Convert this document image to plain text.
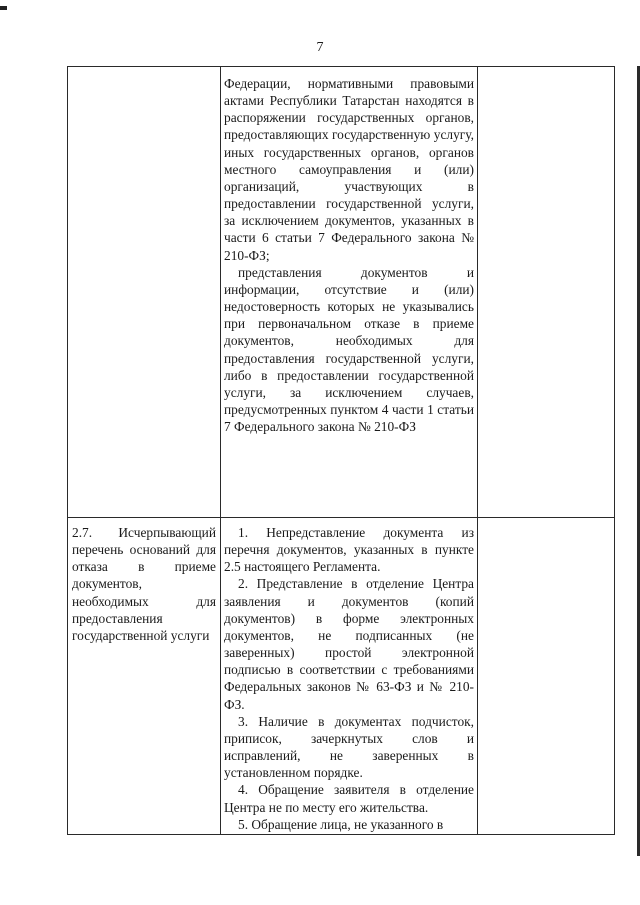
7

	Федерации, нормативными правовыми актами Республики Татарстан находятся в распоряжении государственных органов, предоставляющих государственную услугу, иных государственных органов, органов местного самоуправления и (или) организаций, участвующих в предоставлении государственной услуги, за исключением документов, указанных в части 6 статьи 7 Федерального закона № 210-ФЗ;

представления документов и информации, отсутствие и (или) недостоверность которых не указывались при первоначальном отказе в приеме документов, необходимых для предоставления государственной услуги, либо в предоставлении государственной услуги, за исключением случаев, предусмотренных пунктом 4 части 1 статьи 7 Федерального закона № 210-ФЗ	

2.7. Исчерпывающий перечень оснований для отказа в приеме документов, необходимых для предоставления государственной услуги	1. Непредставление документа из перечня документов, указанных в пункте 2.5 настоящего Регламента.

2. Представление в отделение Центра заявления и документов (копий документов) в форме электронных документов, не подписанных (не заверенных) простой электронной подписью в соответствии с требованиями Федеральных законов № 63-ФЗ и № 210-ФЗ.

3. Наличие в документах подчисток, приписок, зачеркнутых слов и исправлений, не заверенных в установленном порядке.

4. Обращение заявителя в отделение Центра не по месту его жительства.

5. Обращение лица, не указанного в	
